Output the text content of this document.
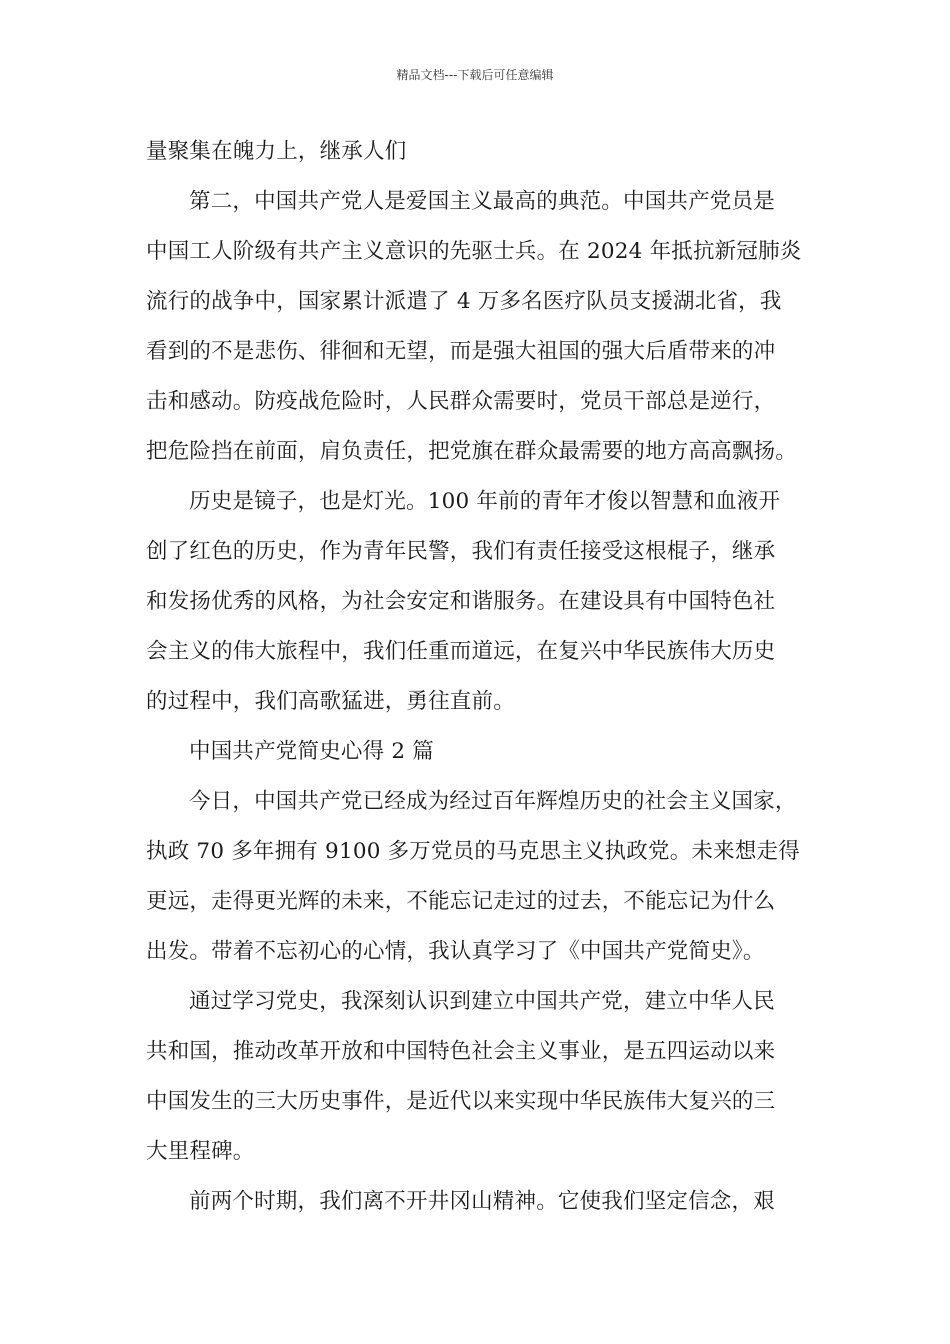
精品文档---下载后可任意编辑
量聚集在魄力上，继承人们
第二，中国共产党人是爱国主义最高的典范。中国共产党员是
中国工人阶级有共产主义意识的先驱士兵。在 2024 年抵抗新冠肺炎
流行的战争中，国家累计派遣了 4 万多名医疗队员支援湖北省，我
看到的不是悲伤、徘徊和无望，而是强大祖国的强大后盾带来的冲
击和感动。防疫战危险时，人民群众需要时，党员干部总是逆行，
把危险挡在前面，肩负责任，把党旗在群众最需要的地方高高飘扬。
历史是镜子，也是灯光。100 年前的青年才俊以智慧和血液开
创了红色的历史，作为青年民警，我们有责任接受这根棍子，继承
和发扬优秀的风格，为社会安定和谐服务。在建设具有中国特色社
会主义的伟大旅程中，我们任重而道远，在复兴中华民族伟大历史
的过程中，我们高歌猛进，勇往直前。
中国共产党简史心得 2 篇
今日，中国共产党已经成为经过百年辉煌历史的社会主义国家，
执政 70 多年拥有 9100 多万党员的马克思主义执政党。未来想走得
更远，走得更光辉的未来，不能忘记走过的过去，不能忘记为什么
出发。带着不忘初心的心情，我认真学习了《中国共产党简史》。
通过学习党史，我深刻认识到建立中国共产党，建立中华人民
共和国，推动改革开放和中国特色社会主义事业，是五四运动以来
中国发生的三大历史事件，是近代以来实现中华民族伟大复兴的三
大里程碑。
前两个时期，我们离不开井冈山精神。它使我们坚定信念，艰
